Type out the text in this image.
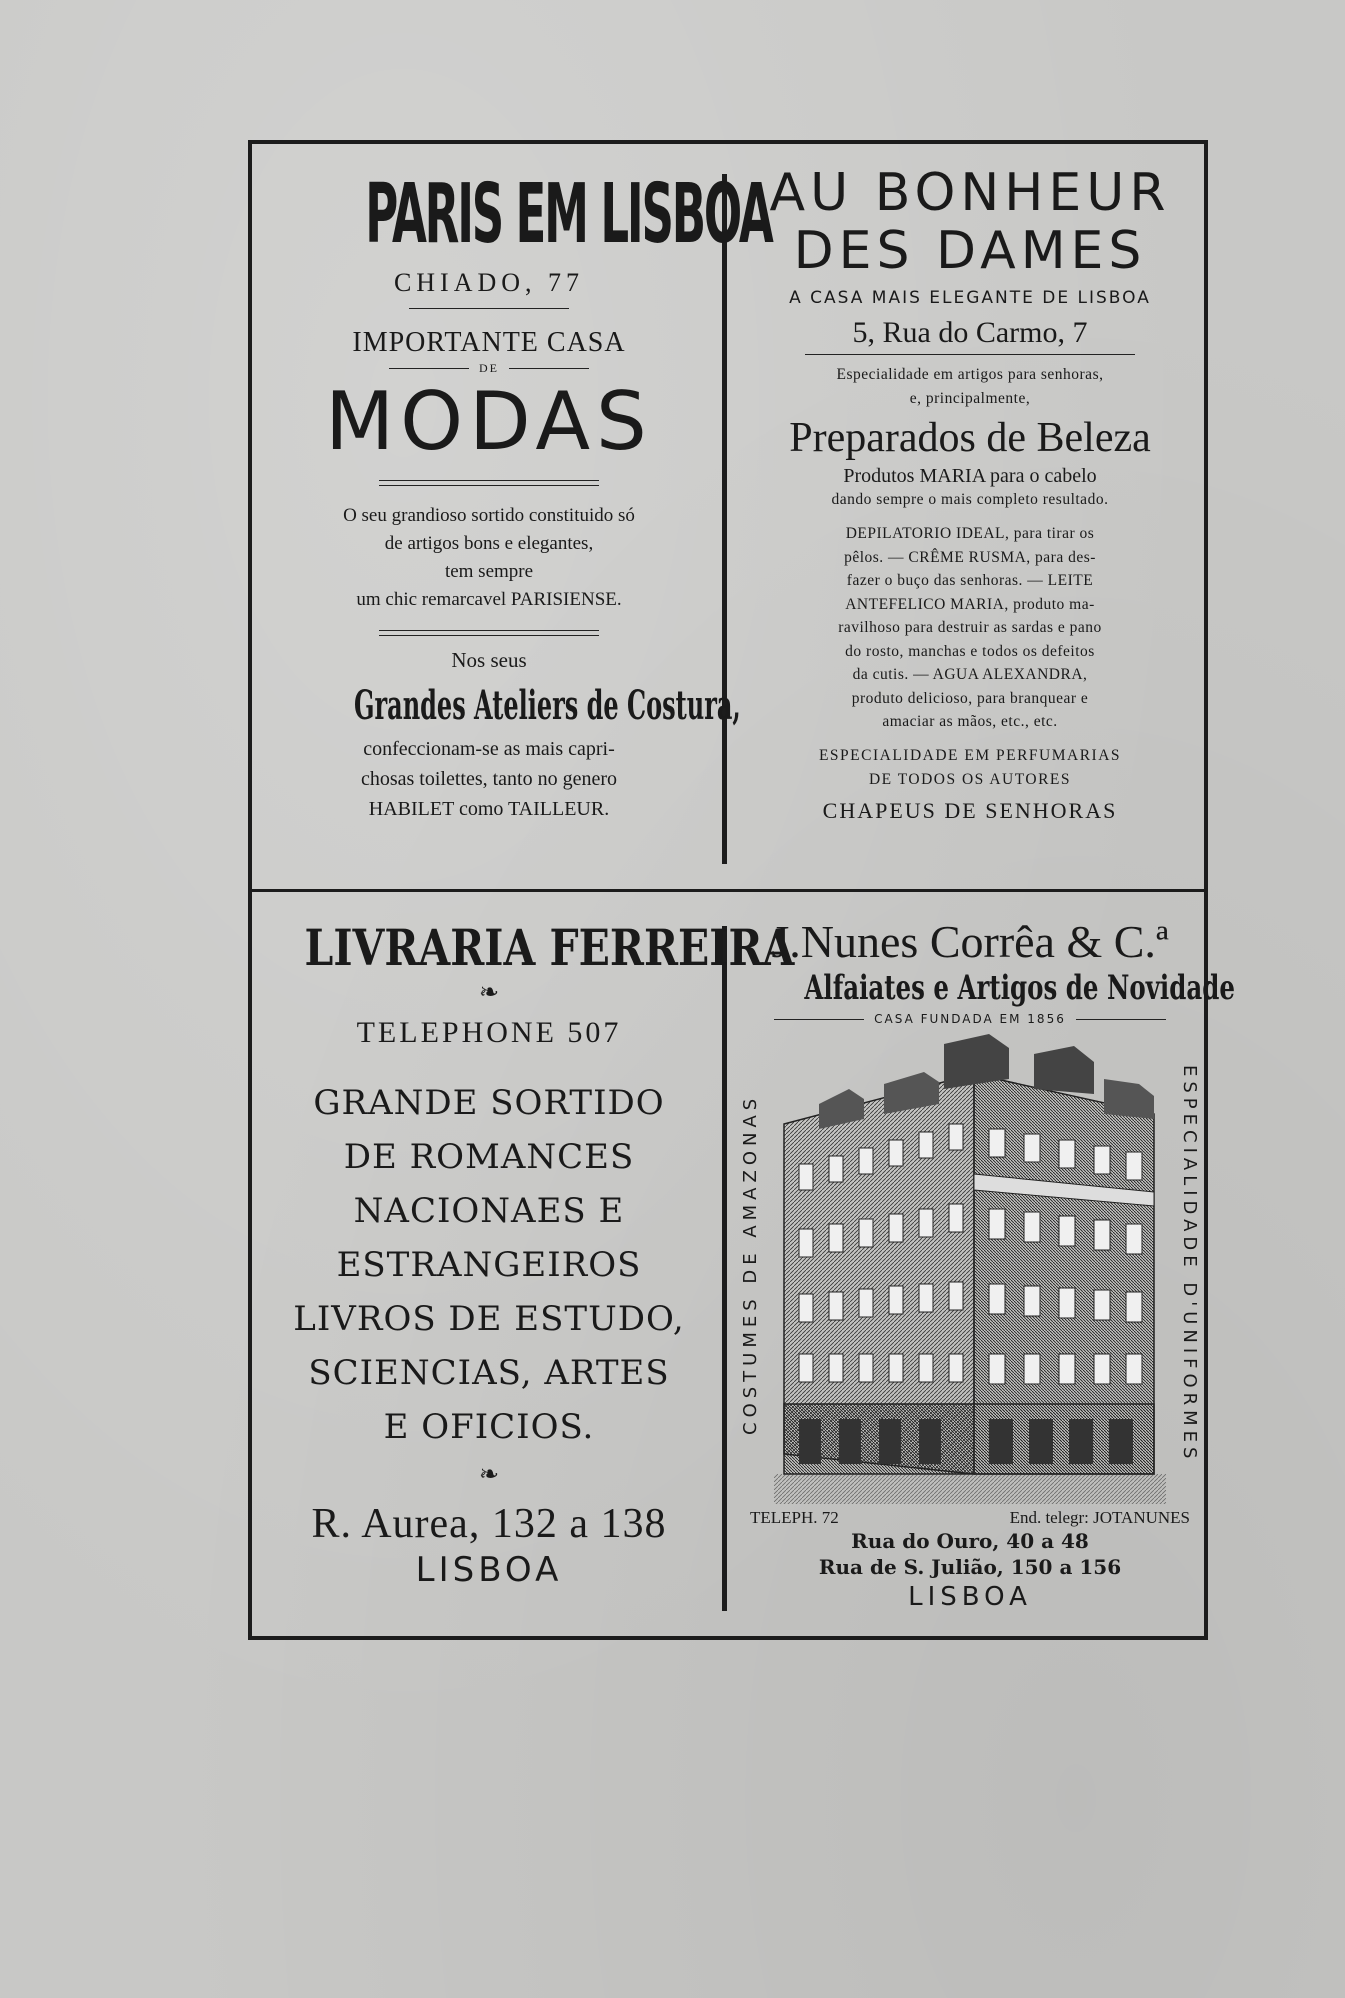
PARIS EM LISBOA
CHIADO, 77
IMPORTANTE CASA
DE
MODAS
O seu grandioso sortido constituido só
de artigos bons e elegantes,
tem sempre
um chic remarcavel PARISIENSE.
Nos seus
Grandes Ateliers de Costura,
confeccionam-se as mais capri-
chosas toilettes, tanto no genero
HABILET como TAILLEUR.
AU BONHEUR
DES DAMES
A CASA MAIS ELEGANTE DE LISBOA
5, Rua do Carmo, 7
Especialidade em artigos para senhoras,
e, principalmente,
Preparados de Beleza
Produtos MARIA para o cabelo
dando sempre o mais completo resultado.
DEPILATORIO IDEAL, para tirar os
pêlos. — CRÊME RUSMA, para des-
fazer o buço das senhoras. — LEITE
ANTEFELICO MARIA, produto ma-
ravilhoso para destruir as sardas e pano
do rosto, manchas e todos os defeitos
da cutis. — AGUA ALEXANDRA,
produto delicioso, para branquear e
amaciar as mãos, etc., etc.
ESPECIALIDADE EM PERFUMARIAS
DE TODOS OS AUTORES
CHAPEUS DE SENHORAS
LIVRARIA FERREIRA
❧
TELEPHONE 507
GRANDE SORTIDO
DE ROMANCES
NACIONAES E
ESTRANGEIROS
LIVROS DE ESTUDO,
SCIENCIAS, ARTES
E OFICIOS.
❧
R. Aurea, 132 a 138
LISBOA
J.Nunes Corrêa & C.ª
Alfaiates e Artigos de Novidade
CASA FUNDADA EM 1856
COSTUMES DE AMAZONAS	ESPECIALIDADE D'UNIFORMES
TELEPH. 72	End. telegr: JOTANUNES
Rua do Ouro, 40 a 48
Rua de S. Julião, 150 a 156
LISBOA
